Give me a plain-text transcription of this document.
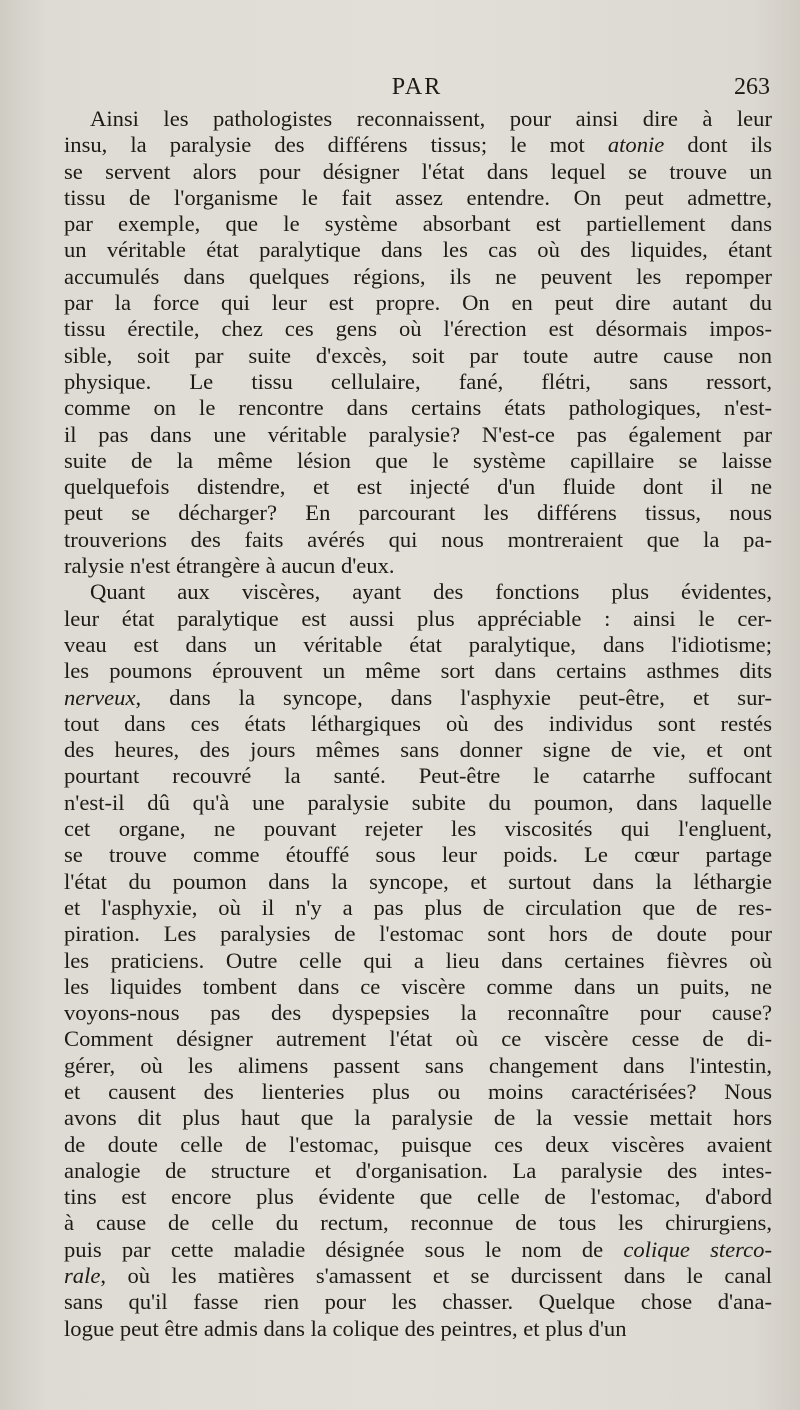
PAR	263
Ainsi les pathologistes reconnaissent, pour ainsi dire à leur
insu, la paralysie des différens tissus; le mot atonie dont ils
se servent alors pour désigner l'état dans lequel se trouve un
tissu de l'organisme le fait assez entendre. On peut admettre,
par exemple, que le système absorbant est partiellement dans
un véritable état paralytique dans les cas où des liquides, étant
accumulés dans quelques régions, ils ne peuvent les repomper
par la force qui leur est propre. On en peut dire autant du
tissu érectile, chez ces gens où l'érection est désormais impos-
sible, soit par suite d'excès, soit par toute autre cause non
physique. Le tissu cellulaire, fané, flétri, sans ressort,
comme on le rencontre dans certains états pathologiques, n'est-
il pas dans une véritable paralysie? N'est-ce pas également par
suite de la même lésion que le système capillaire se laisse
quelquefois distendre, et est injecté d'un fluide dont il ne
peut se décharger? En parcourant les différens tissus, nous
trouverions des faits avérés qui nous montreraient que la pa-
ralysie n'est étrangère à aucun d'eux.
Quant aux viscères, ayant des fonctions plus évidentes,
leur état paralytique est aussi plus appréciable : ainsi le cer-
veau est dans un véritable état paralytique, dans l'idiotisme;
les poumons éprouvent un même sort dans certains asthmes dits
nerveux, dans la syncope, dans l'asphyxie peut-être, et sur-
tout dans ces états léthargiques où des individus sont restés
des heures, des jours mêmes sans donner signe de vie, et ont
pourtant recouvré la santé. Peut-être le catarrhe suffocant
n'est-il dû qu'à une paralysie subite du poumon, dans laquelle
cet organe, ne pouvant rejeter les viscosités qui l'engluent,
se trouve comme étouffé sous leur poids. Le cœur partage
l'état du poumon dans la syncope, et surtout dans la léthargie
et l'asphyxie, où il n'y a pas plus de circulation que de res-
piration. Les paralysies de l'estomac sont hors de doute pour
les praticiens. Outre celle qui a lieu dans certaines fièvres où
les liquides tombent dans ce viscère comme dans un puits, ne
voyons-nous pas des dyspepsies la reconnaître pour cause?
Comment désigner autrement l'état où ce viscère cesse de di-
gérer, où les alimens passent sans changement dans l'intestin,
et causent des lienteries plus ou moins caractérisées? Nous
avons dit plus haut que la paralysie de la vessie mettait hors
de doute celle de l'estomac, puisque ces deux viscères avaient
analogie de structure et d'organisation. La paralysie des intes-
tins est encore plus évidente que celle de l'estomac, d'abord
à cause de celle du rectum, reconnue de tous les chirurgiens,
puis par cette maladie désignée sous le nom de colique sterco-
rale, où les matières s'amassent et se durcissent dans le canal
sans qu'il fasse rien pour les chasser. Quelque chose d'ana-
logue peut être admis dans la colique des peintres, et plus d'un
